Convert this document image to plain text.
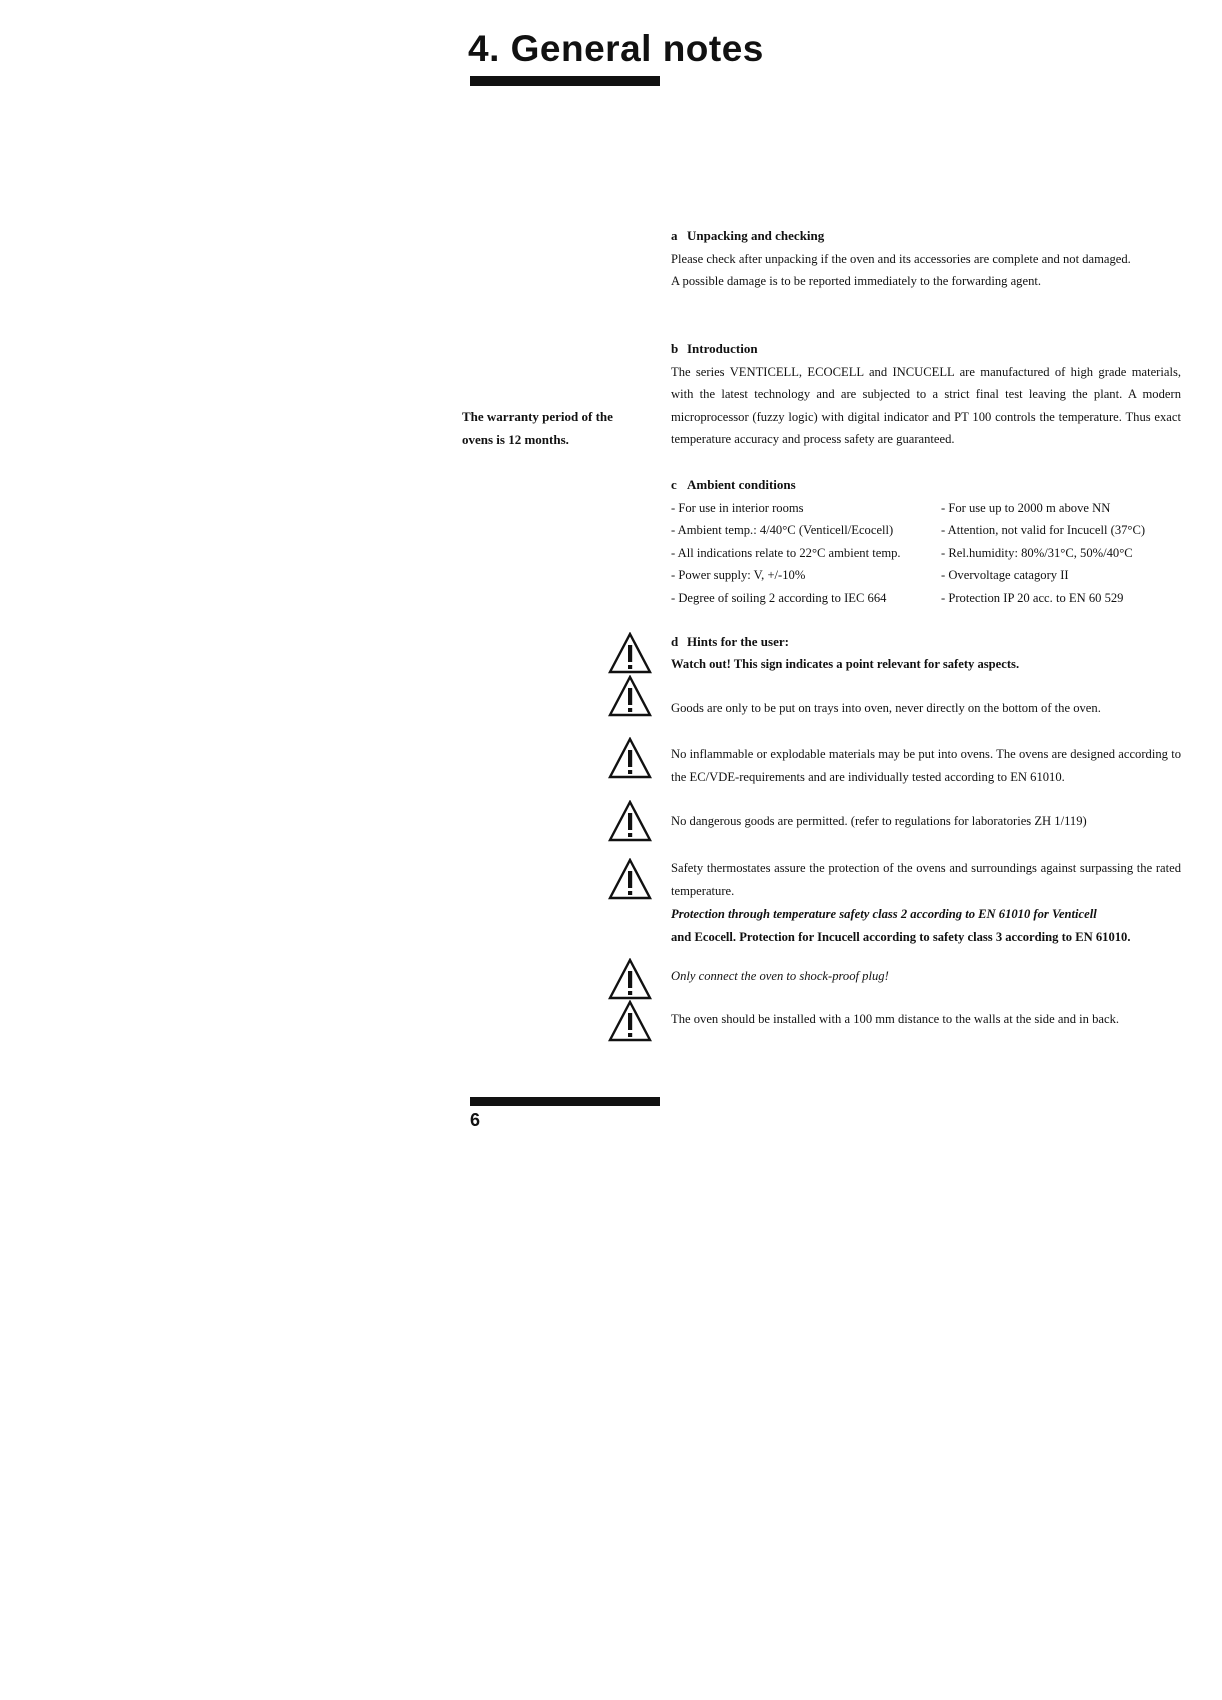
4. General notes
The warranty period of the ovens is 12 months.

a Unpacking and checking

Please check after unpacking if the oven and its accessories are complete and not damaged.

A possible damage is to be reported immediately to the forwarding agent.

b Introduction

The series VENTICELL, ECOCELL and INCUCELL are manufactured of high grade materials, with the latest technology and are subjected to a strict final test leaving the plant. A modern microprocessor (fuzzy logic) with digital indicator and PT 100 controls the temperature. Thus exact temperature accuracy and process safety are guaranteed.

c Ambient conditions

- For use in interior rooms	- For use up to 2000 m above NN
- Ambient temp.: 4/40°C (Venticell/Ecocell)	- Attention, not valid for Incucell (37°C)
- All indications relate to 22°C ambient temp.	- Rel.humidity: 80%/31°C, 50%/40°C
- Power supply: V, +/-10%	- Overvoltage catagory II
- Degree of soiling 2 according to IEC 664	- Protection IP 20 acc. to EN 60 529

d Hints for the user:

Watch out! This sign indicates a point relevant for safety aspects.

Goods are only to be put on trays into oven, never directly on the bottom of the oven.
No inflammable or explodable materials may be put into ovens. The ovens are designed according to the EC/VDE-requirements and are individually tested according to EN 61010.
No dangerous goods are permitted. (refer to regulations for laboratories ZH 1/119)

Safety thermostates assure the protection of the ovens and surroundings against surpassing the rated temperature.

Protection through temperature safety class 2 according to EN 61010 for Venticell

and Ecocell. Protection for Incucell according to safety class 3 according to EN 61010.

Only connect the oven to shock-proof plug!
The oven should be installed with a 100 mm distance to the walls at the side and in back.
6
